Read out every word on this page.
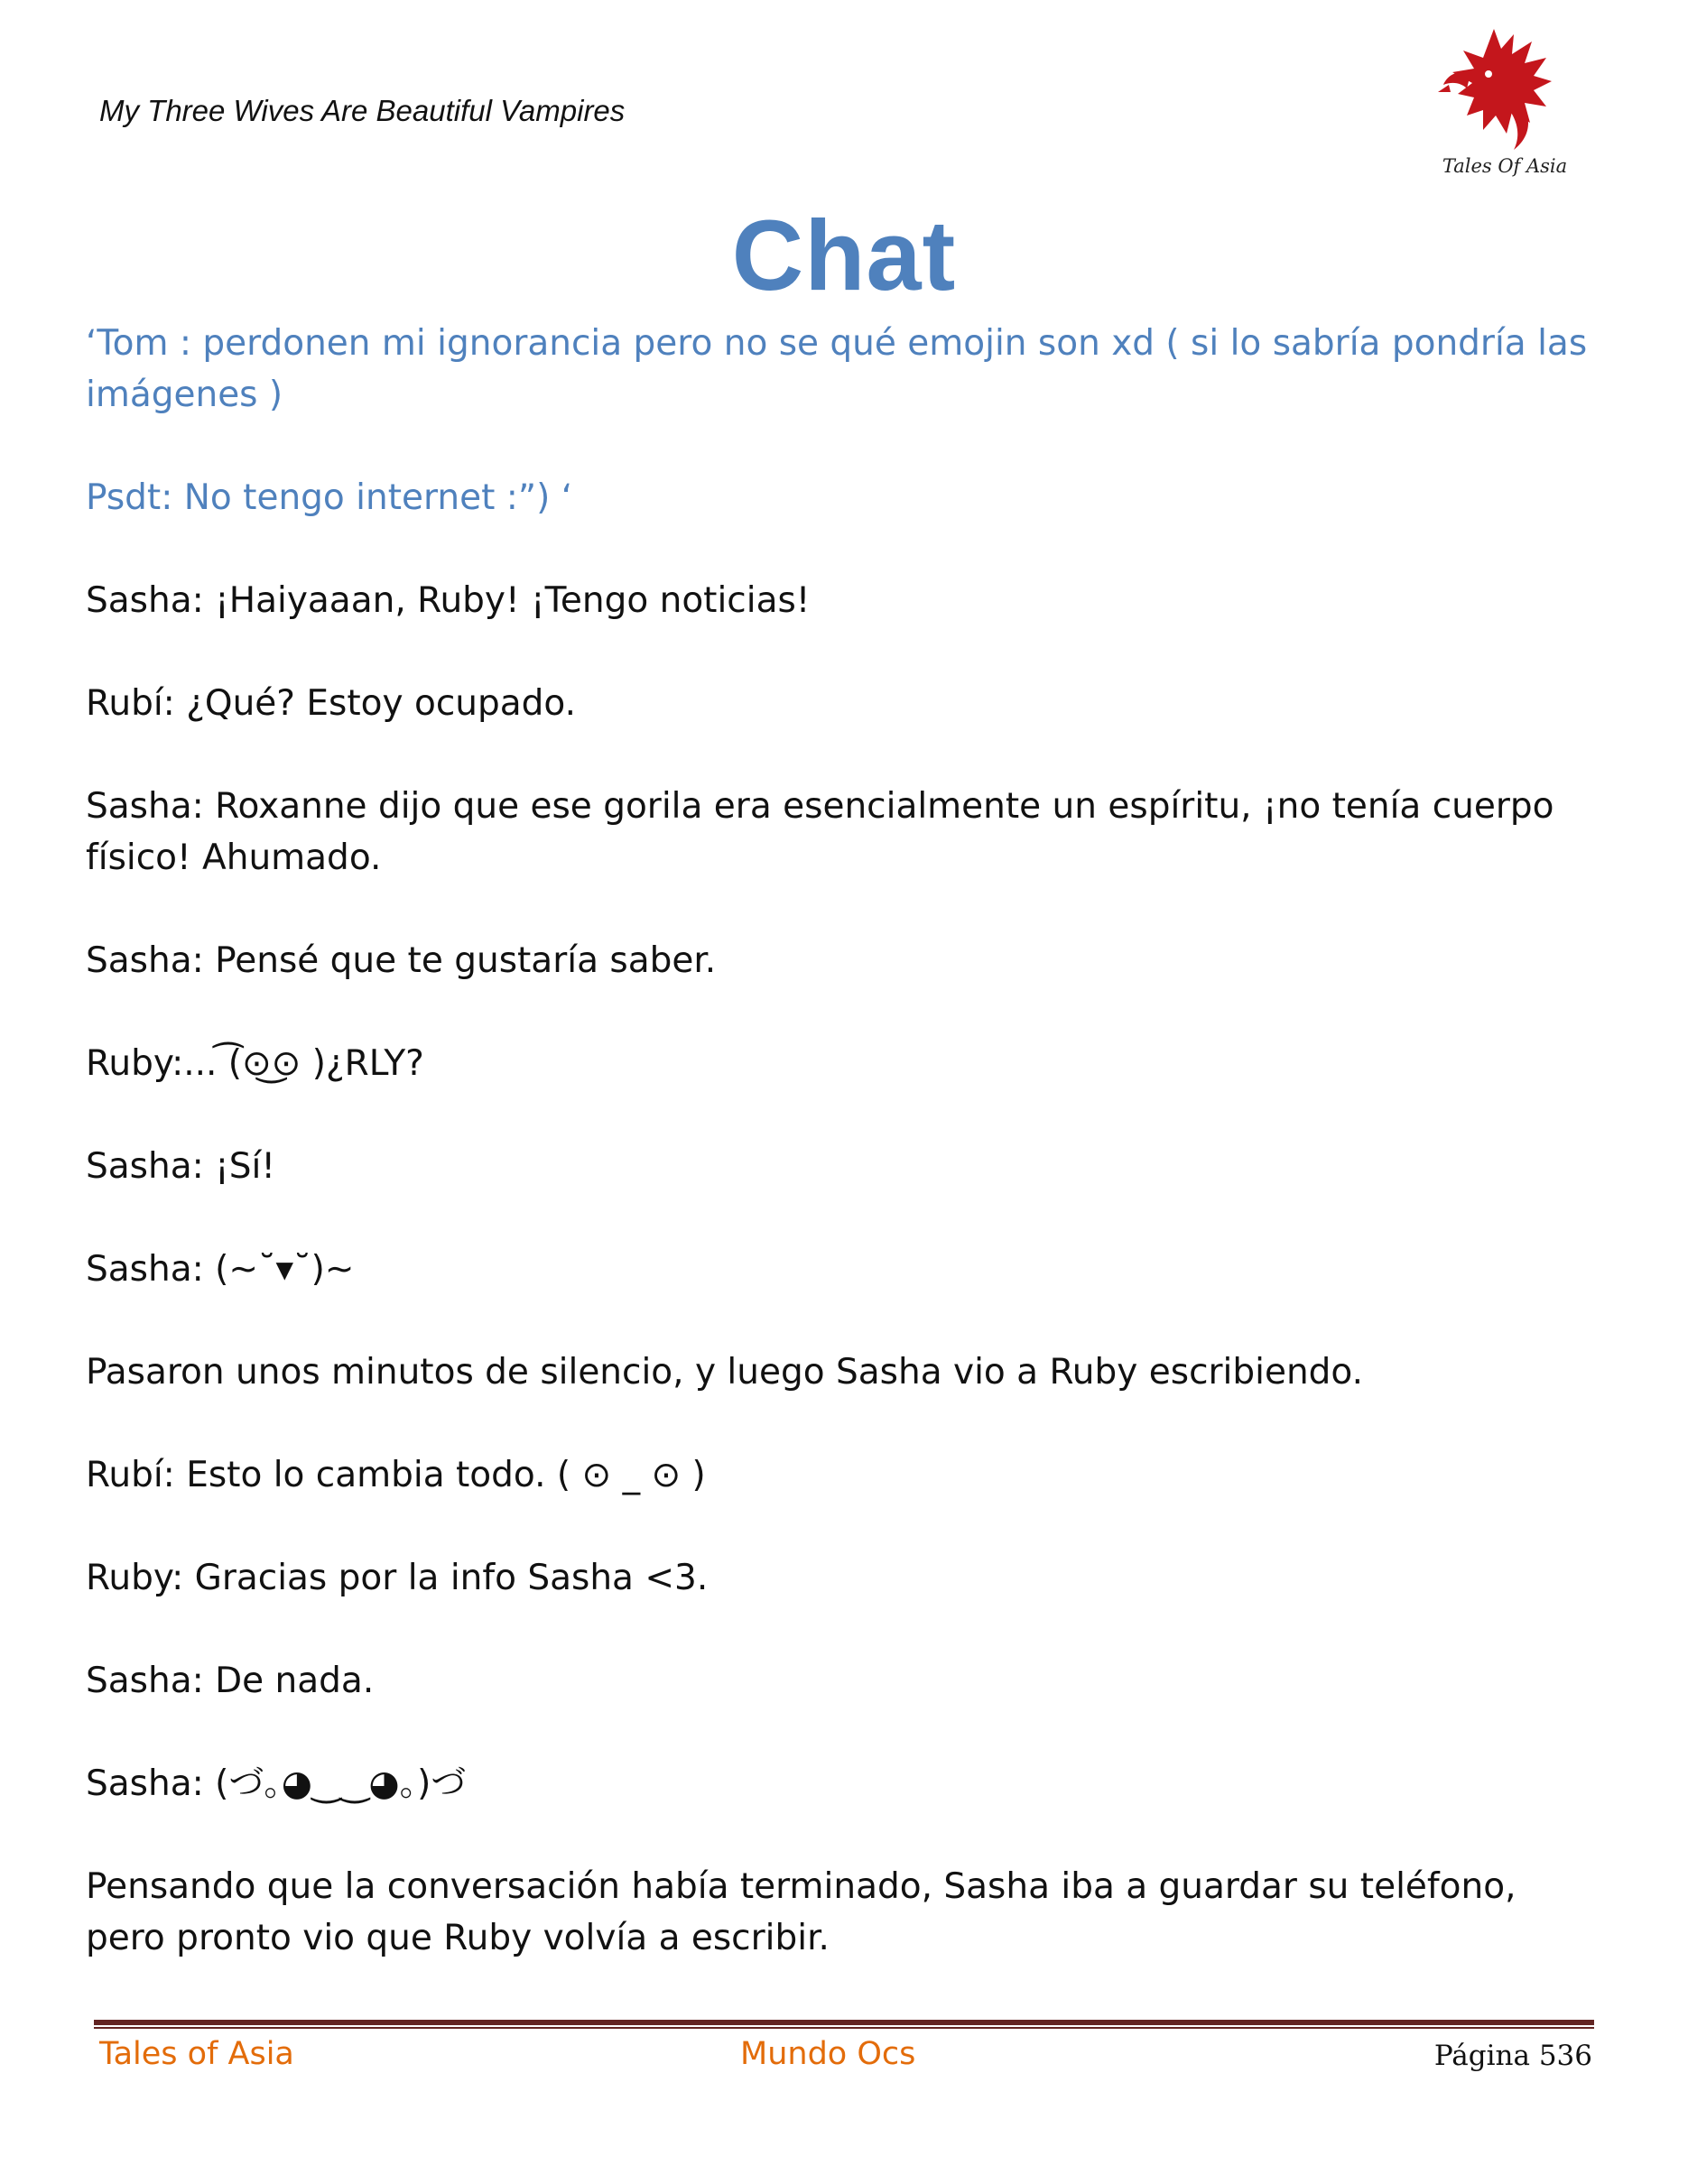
My Three Wives Are Beautiful Vampires
Tales Of Asia
Chat

‘Tom : perdonen mi ignorancia pero no se qué emojin son xd ( si lo sabría pondría las imágenes )

Psdt: No tengo internet :”) ‘

Sasha: ¡Haiyaaan, Ruby! ¡Tengo noticias!

Rubí: ¿Qué? Estoy ocupado.

Sasha: Roxanne dijo que ese gorila era esencialmente un espíritu, ¡no tenía cuerpo físico! Ahumado.

Sasha: Pensé que te gustaría saber.

Ruby:... ͡(⊙͜⊙ )¿RLY?

Sasha: ¡Sí!

Sasha: (~˘▾˘)~

Pasaron unos minutos de silencio, y luego Sasha vio a Ruby escribiendo.

Rubí: Esto lo cambia todo. ( ⊙ _ ⊙ )

Ruby: Gracias por la info Sasha <3.

Sasha: De nada.

Sasha: (づ｡◕‿‿◕｡)づ

Pensando que la conversación había terminado, Sasha iba a guardar su teléfono, pero pronto vio que Ruby volvía a escribir.

Tales of Asia	Mundo Ocs	Página 536
